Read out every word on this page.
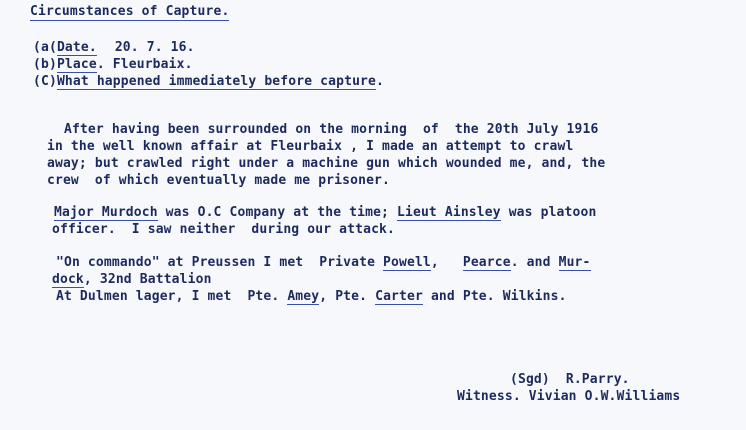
Circumstances of Capture.
(a(Date. 20. 7. 16.
(b)Place. Fleurbaix.
(C)What happened immediately before capture.
After having been surrounded on the morning  of  the 20th July 1916
in the well known affair at Fleurbaix , I made an attempt to crawl
away; but crawled right under a machine gun which wounded me, and, the
crew  of which eventually made me prisoner.
Major Murdoch was O.C Company at the time; Lieut Ainsley was platoon
officer.  I saw neither  during our attack.
"On commando" at Preussen I met  Private Powell,   Pearce. and Mur-
dock, 32nd Battalion
At Dulmen lager, I met  Pte. Amey, Pte. Carter and Pte. Wilkins.
(Sgd)  R.Parry.
Witness. Vivian O.W.Williams
